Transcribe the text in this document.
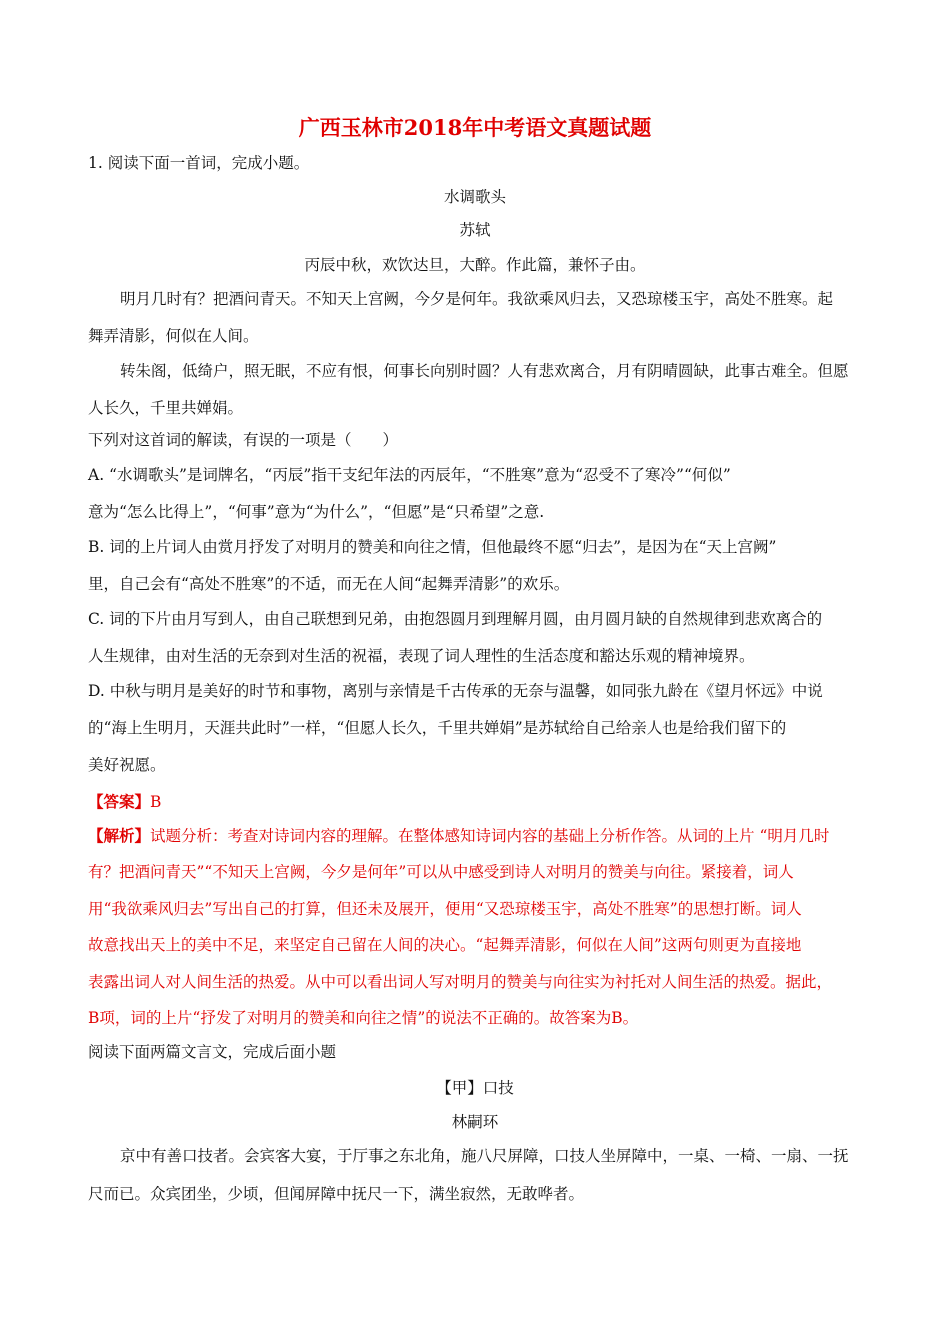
广西玉林市2018年中考语文真题试题
1. 阅读下面一首词，完成小题。
水调歌头
苏轼
丙辰中秋，欢饮达旦，大醉。作此篇，兼怀子由。
明月几时有？把酒问青天。不知天上宫阙，今夕是何年。我欲乘风归去，又恐琼楼玉宇，高处不胜寒。起
舞弄清影，何似在人间。
转朱阁，低绮户，照无眠，不应有恨，何事长向别时圆？人有悲欢离合，月有阴晴圆缺，此事古难全。但愿
人长久，千里共婵娟。
下列对这首词的解读，有误的一项是（　　）
A. “水调歌头”是词牌名，“丙辰”指干支纪年法的丙辰年，“不胜寒”意为“忍受不了寒冷”“何似”
意为“怎么比得上”，“何事”意为“为什么”，“但愿”是“只希望”之意.
B. 词的上片词人由赏月抒发了对明月的赞美和向往之情，但他最终不愿“归去”，是因为在“天上宫阙”
里，自己会有“高处不胜寒”的不适，而无在人间“起舞弄清影”的欢乐。
C. 词的下片由月写到人，由自己联想到兄弟，由抱怨圆月到理解月圆，由月圆月缺的自然规律到悲欢离合的
人生规律，由对生活的无奈到对生活的祝福，表现了词人理性的生活态度和豁达乐观的精神境界。
D. 中秋与明月是美好的时节和事物，离别与亲情是千古传承的无奈与温馨，如同张九龄在《望月怀远》中说
的“海上生明月，天涯共此时”一样，“但愿人长久，千里共婵娟”是苏轼给自己给亲人也是给我们留下的
美好祝愿。
【答案】B
【解析】试题分析：考查对诗词内容的理解。在整体感知诗词内容的基础上分析作答。从词的上片 “明月几时
有？把酒问青天”“不知天上宫阙，今夕是何年”可以从中感受到诗人对明月的赞美与向往。紧接着，词人
用“我欲乘风归去”写出自己的打算，但还未及展开，便用“又恐琼楼玉宇，高处不胜寒”的思想打断。词人
故意找出天上的美中不足，来坚定自己留在人间的决心。“起舞弄清影，何似在人间”这两句则更为直接地
表露出词人对人间生活的热爱。从中可以看出词人写对明月的赞美与向往实为衬托对人间生活的热爱。据此，
B项，词的上片“抒发了对明月的赞美和向往之情”的说法不正确的。故答案为B。
阅读下面两篇文言文，完成后面小题
【甲】口技
林嗣环
京中有善口技者。会宾客大宴，于厅事之东北角，施八尺屏障，口技人坐屏障中，一桌、一椅、一扇、一抚
尺而已。众宾团坐，少顷，但闻屏障中抚尺一下，满坐寂然，无敢哗者。
